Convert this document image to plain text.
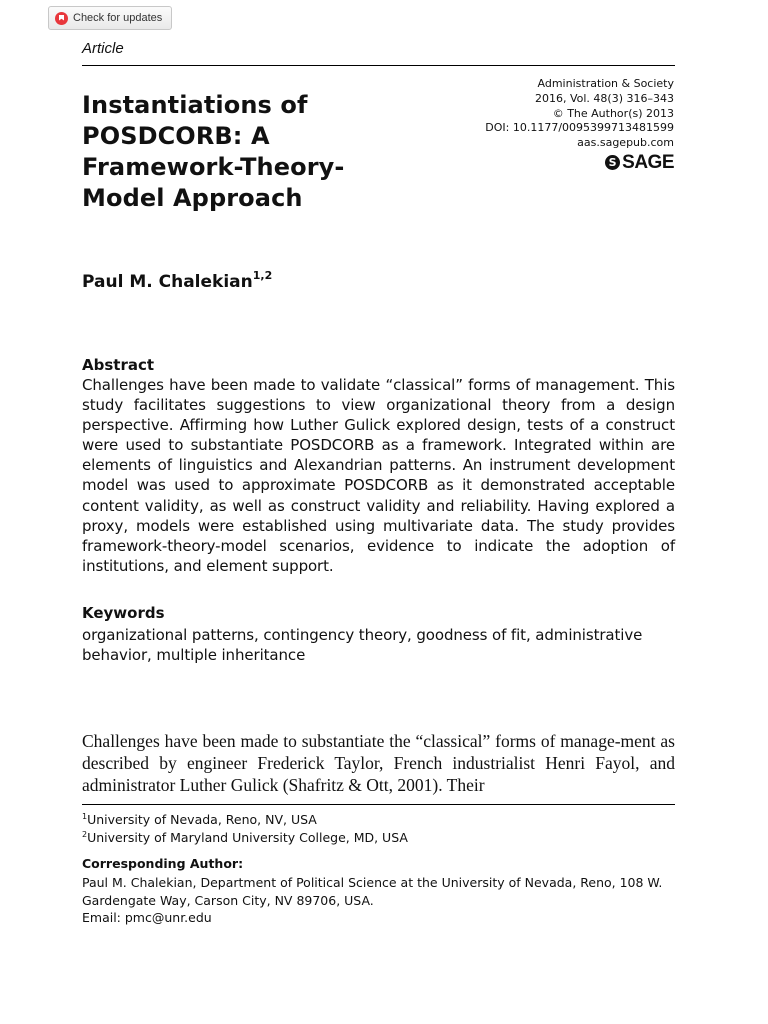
Check for updates
Article
Instantiations of POSDCORB: A Framework-Theory-Model Approach
Administration & Society
2016, Vol. 48(3) 316–343
© The Author(s) 2013
DOI: 10.1177/0095399713481599
aas.sagepub.com
S SAGE
Paul M. Chalekian$^{1,2}$
Abstract

Challenges have been made to validate “classical” forms of management. This study facilitates suggestions to view organizational theory from a design perspective. Affirming how Luther Gulick explored design, tests of a construct were used to substantiate POSDCORB as a framework. Integrated within are elements of linguistics and Alexandrian patterns. An instrument development model was used to approximate POSDCORB as it demonstrated acceptable content validity, as well as construct validity and reliability. Having explored a proxy, models were established using multivariate data. The study provides framework-theory-model scenarios, evidence to indicate the adoption of institutions, and element support.

Keywords

organizational patterns, contingency theory, goodness of fit, administrative behavior, multiple inheritance

Challenges have been made to substantiate the “classical” forms of manage-ment as described by engineer Frederick Taylor, French industrialist Henri Fayol, and administrator Luther Gulick (Shafritz & Ott, 2001). Their

$^1$University of Nevada, Reno, NV, USA
$^2$University of Maryland University College, MD, USA
Corresponding Author:
Paul M. Chalekian, Department of Political Science at the University of Nevada, Reno, 108 W. Gardengate Way, Carson City, NV 89706, USA.
Email: pmc@unr.edu
